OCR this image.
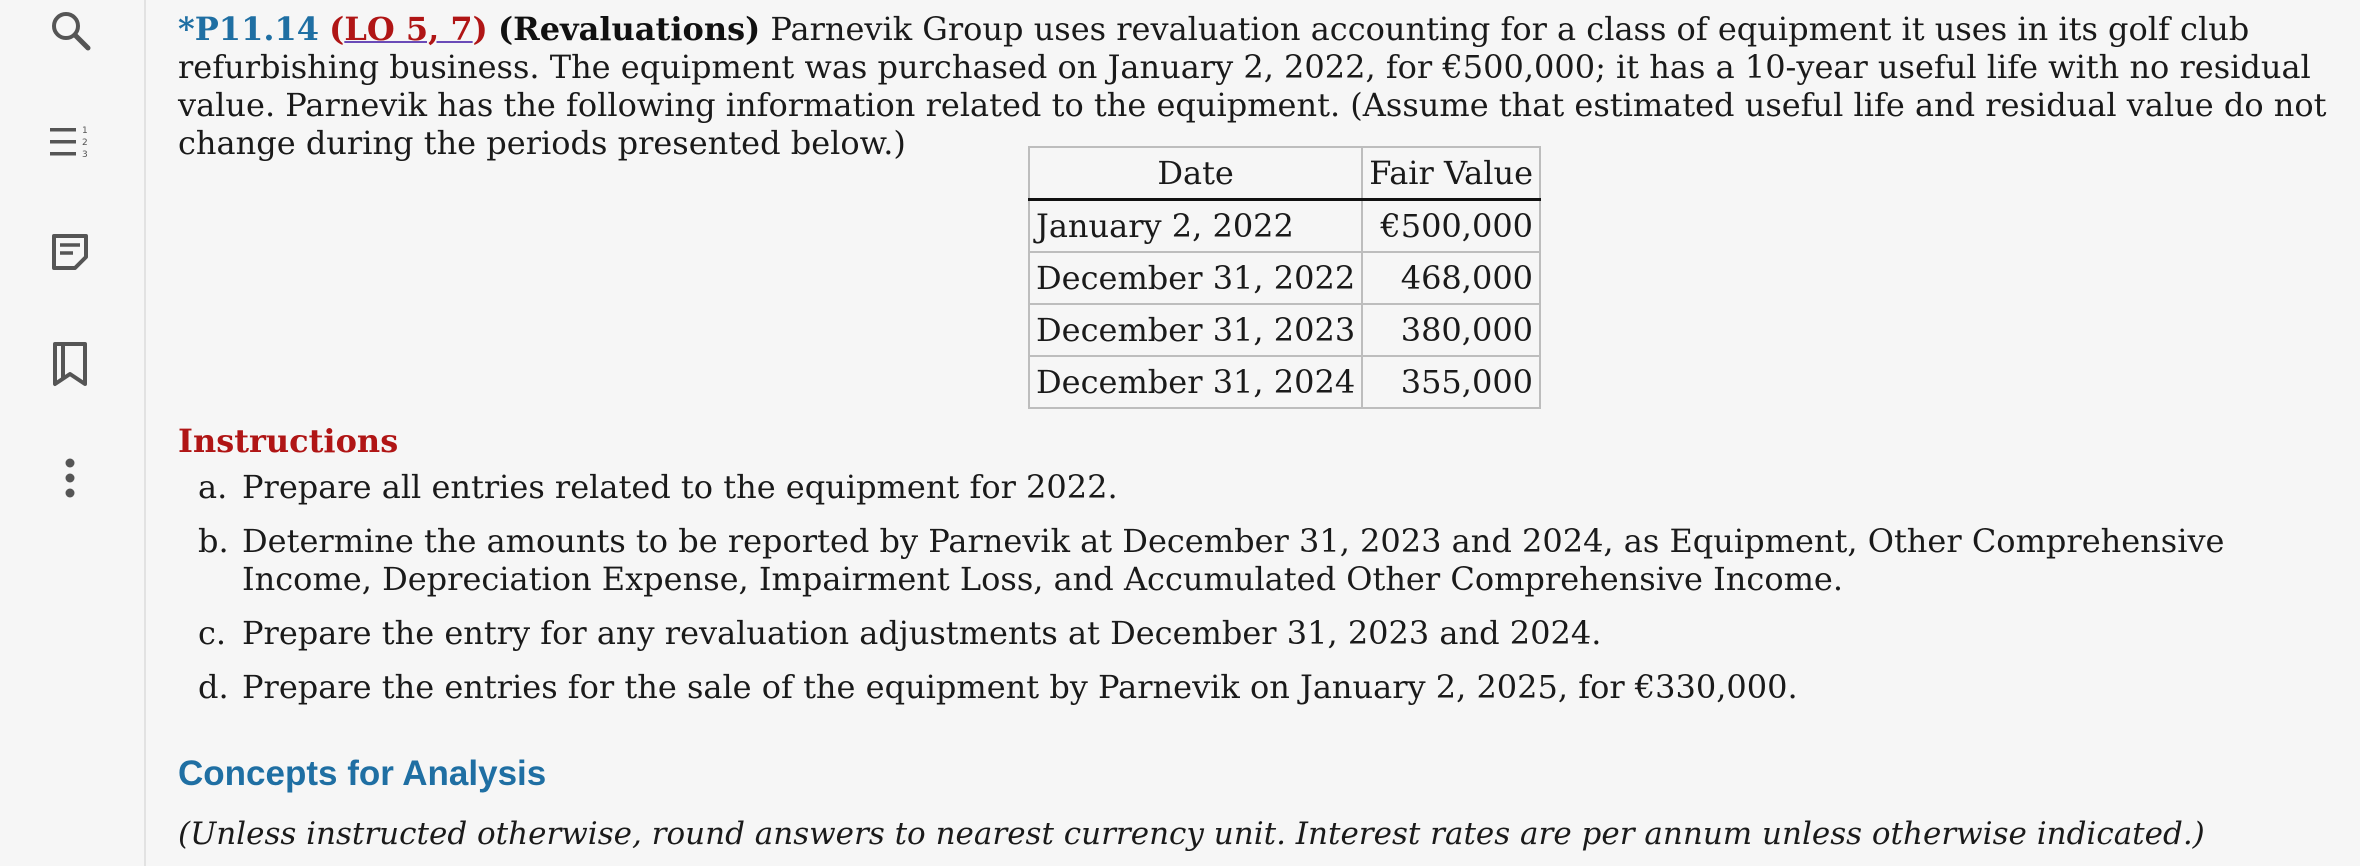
1
2
3

*P11.14 (LO 5, 7) (Revaluations) Parnevik Group uses revaluation accounting for a class of equipment it uses in its golf club refurbishing business. The equipment was purchased on January 2, 2022, for €500,000; it has a 10-year useful life with no residual value. Parnevik has the following information related to the equipment. (Assume that estimated useful life and residual value do not change during the periods presented below.)

Date	Fair Value
January 2, 2022	€500,000
December 31, 2022	468,000
December 31, 2023	380,000
December 31, 2024	355,000
Instructions
a. Prepare all entries related to the equipment for 2022.
b. Determine the amounts to be reported by Parnevik at December 31, 2023 and 2024, as Equipment, Other Comprehensive Income, Depreciation Expense, Impairment Loss, and Accumulated Other Comprehensive Income.
c. Prepare the entry for any revaluation adjustments at December 31, 2023 and 2024.
d. Prepare the entries for the sale of the equipment by Parnevik on January 2, 2025, for €330,000.
Concepts for Analysis

(Unless instructed otherwise, round answers to nearest currency unit. Interest rates are per annum unless otherwise indicated.)
